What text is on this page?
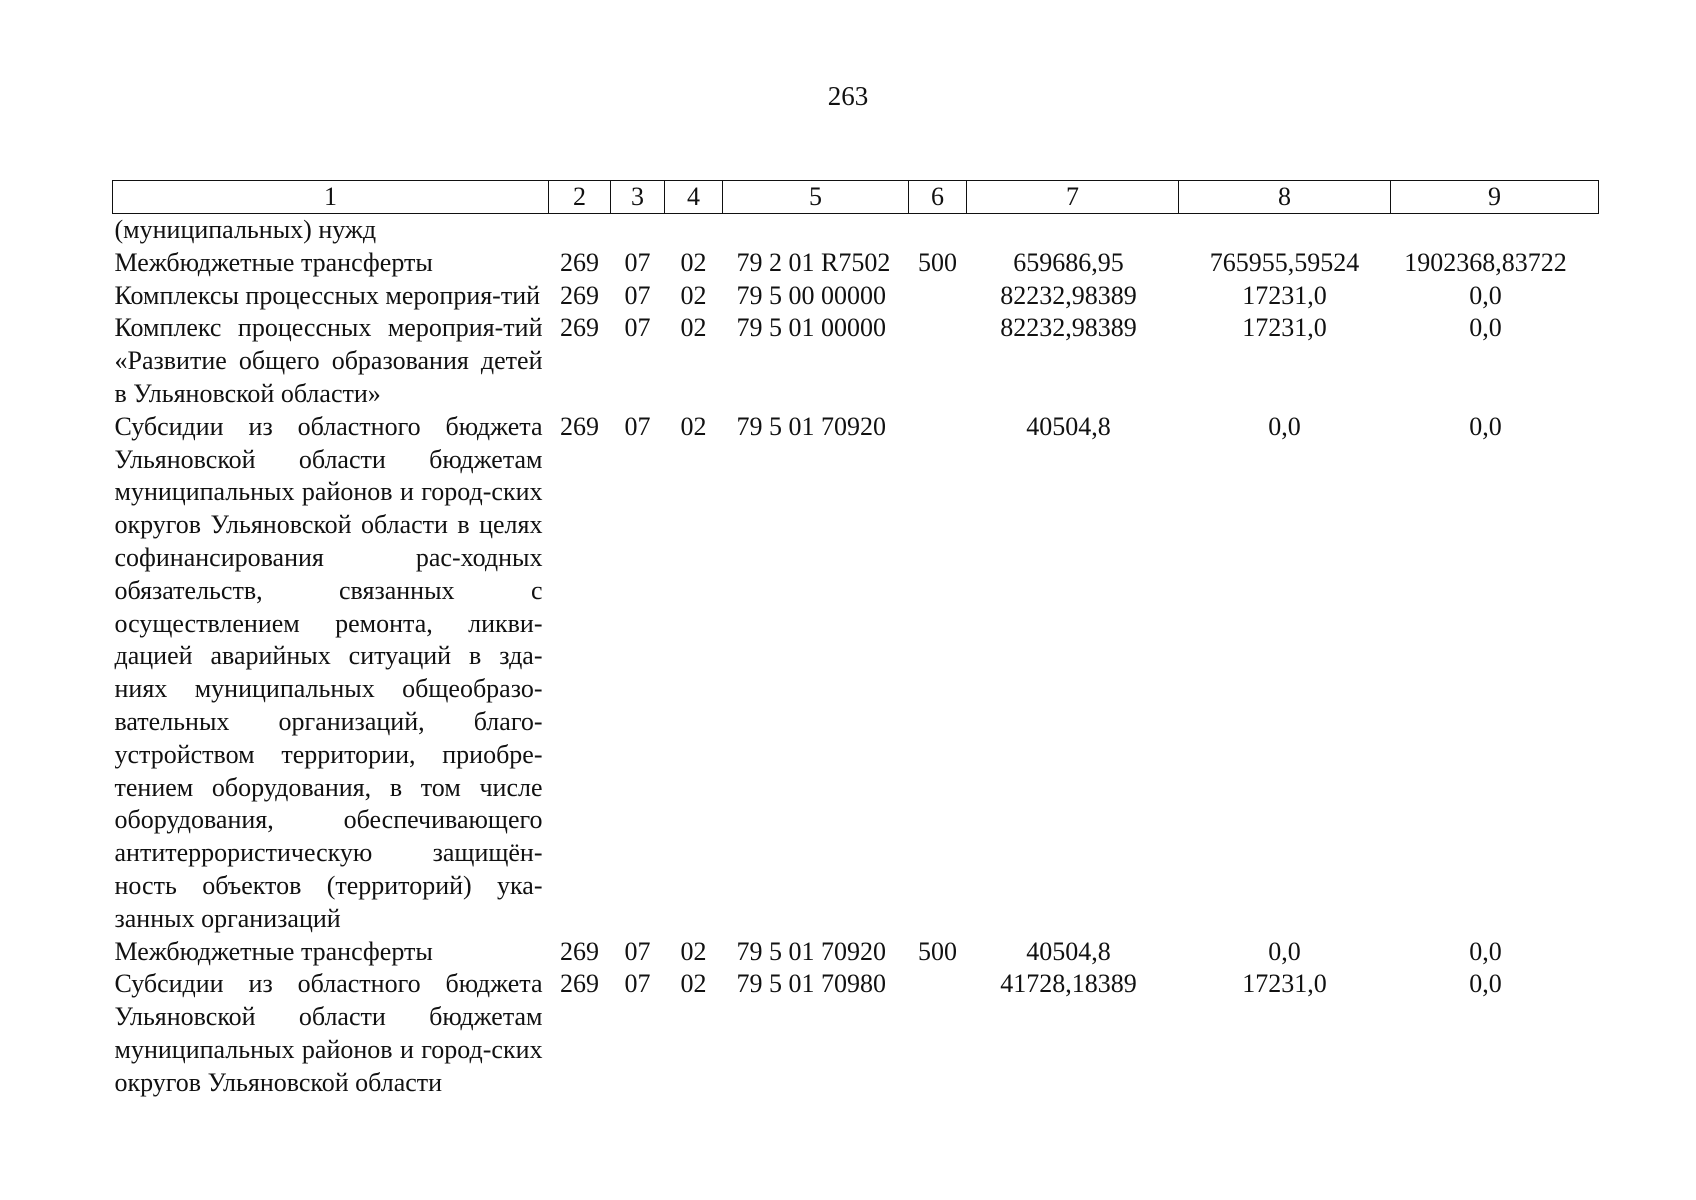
263
1	2	3	4	5	6	7	8	9
(муниципальных) нужд								
Межбюджетные трансферты	269	07	02	79 2 01 R7502	500	659686,95	765955,59524	1902368,83722
Комплексы процессных мероприя-тий	269	07	02	79 5 00 00000		82232,98389	17231,0	0,0
Комплекс процессных мероприя-тий «Развитие общего образования детей в Ульяновской области»	269	07	02	79 5 01 00000		82232,98389	17231,0	0,0
Субсидии из областного бюджета Ульяновской области бюджетам муниципальных районов и город-ских округов Ульяновской области в целях софинансирования рас-ходных обязательств, связанных с осуществлением ремонта, ликви-дацией аварийных ситуаций в зда-ниях муниципальных общеобразо-вательных организаций, благо-устройством территории, приобре-тением оборудования, в том числе оборудования, обеспечивающего антитеррористическую защищён-ность объектов (территорий) ука-занных организаций	269	07	02	79 5 01 70920		40504,8	0,0	0,0
Межбюджетные трансферты	269	07	02	79 5 01 70920	500	40504,8	0,0	0,0
Субсидии из областного бюджета Ульяновской области бюджетам муниципальных районов и город-ских округов Ульяновской области	269	07	02	79 5 01 70980		41728,18389	17231,0	0,0
